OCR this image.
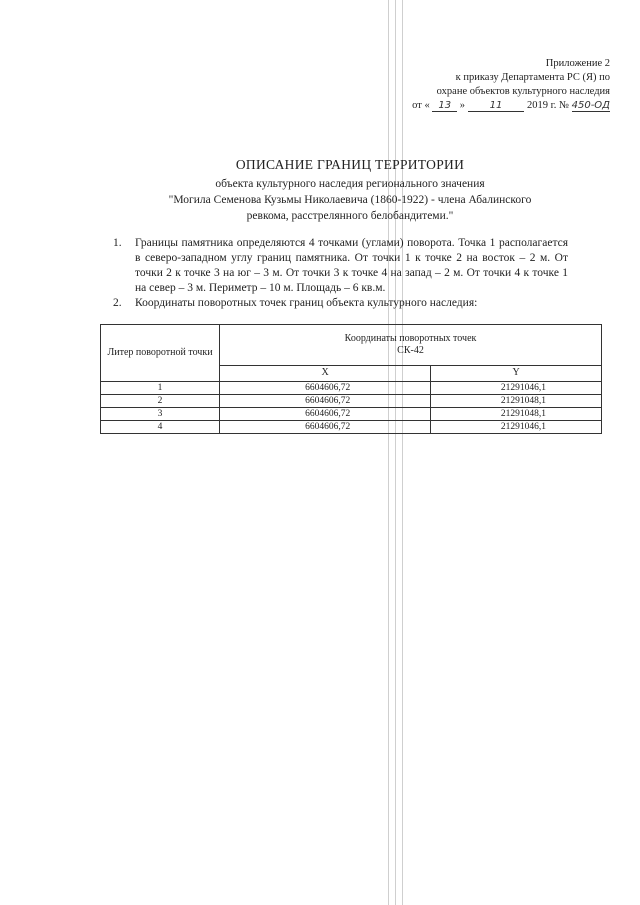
Приложение 2
к приказу Департамента РС (Я) по
охране объектов культурного наследия
от « 13 » 11 2019 г. № 450-ОД
ОПИСАНИЕ ГРАНИЦ ТЕРРИТОРИИ
объекта культурного наследия регионального значения
"Могила Семенова Кузьмы Николаевича (1860-1922) - члена Абалинского
ревкома, расстрелянного белобандитеми."
1.	Границы памятника определяются 4 точками (углами) поворота. Точка 1 располагается в северо-западном углу границ памятника. От точки 1 к точке 2 на восток – 2 м. От точки 2 к точке 3 на юг – 3 м. От точки 3 к точке 4 на запад – 2 м. От точки 4 к точке 1 на север – 3 м. Периметр – 10 м. Площадь – 6 кв.м.
2.	Координаты поворотных точек границ объекта культурного наследия:
Литер поворотной точки	Координаты поворотных точек
СК-42	

	X	Y
1	6604606,72	21291046,1
2	6604606,72	21291048,1
3	6604606,72	21291048,1
4	6604606,72	21291046,1
